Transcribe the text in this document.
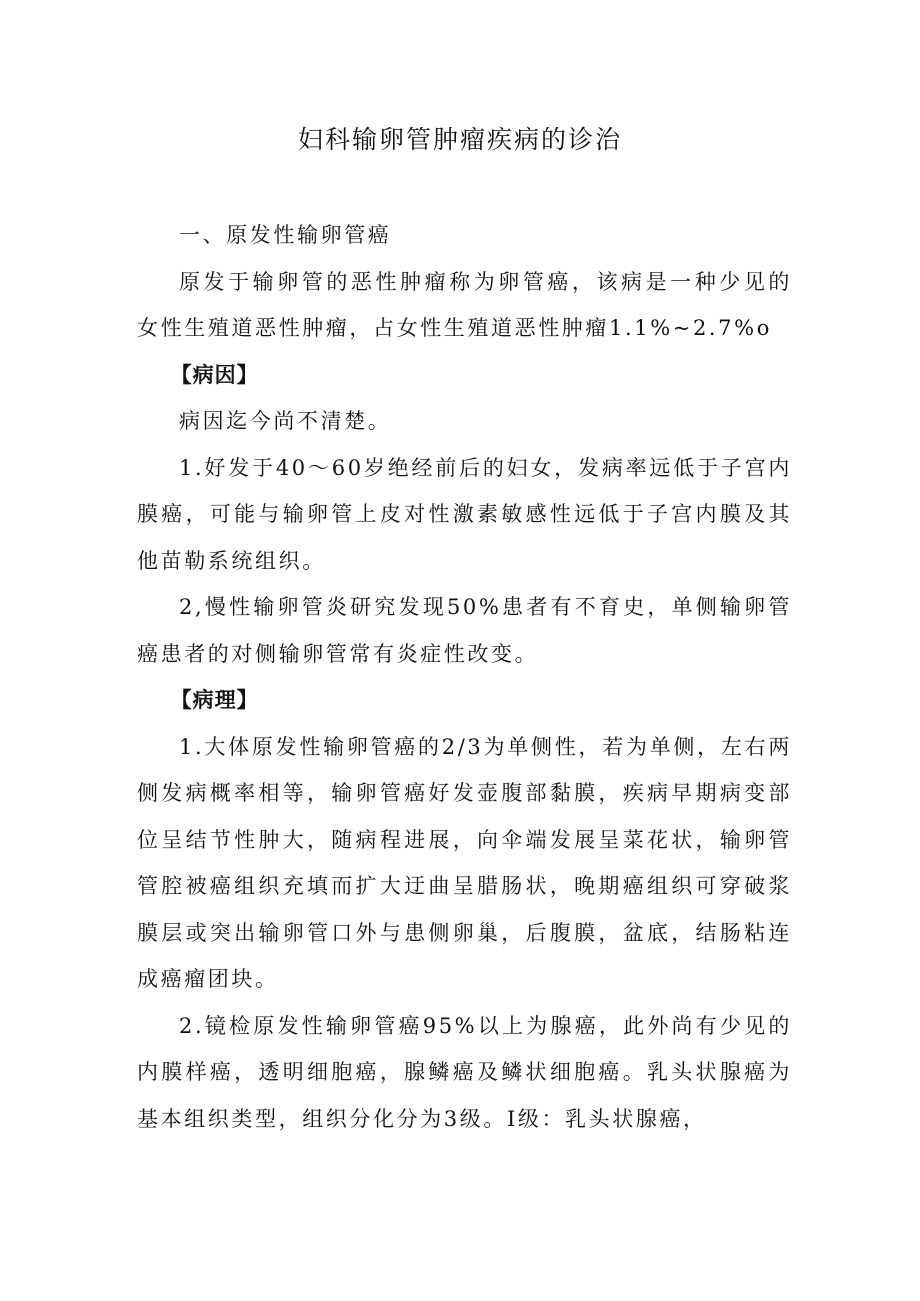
妇科输卵管肿瘤疾病的诊治

一、原发性输卵管癌

原发于输卵管的恶性肿瘤称为卵管癌，该病是一种少见的女性生殖道恶性肿瘤，占女性生殖道恶性肿瘤1.1%~2.7%o

【病因】

病因迄今尚不清楚。

1.好发于40～60岁绝经前后的妇女，发病率远低于子宫内膜癌，可能与输卵管上皮对性激素敏感性远低于子宫内膜及其他苗勒系统组织。

2,慢性输卵管炎研究发现50%患者有不育史，单侧输卵管癌患者的对侧输卵管常有炎症性改变。

【病理】

1.大体原发性输卵管癌的2/3为单侧性，若为单侧，左右两侧发病概率相等，输卵管癌好发壶腹部黏膜，疾病早期病变部位呈结节性肿大，随病程进展，向伞端发展呈菜花状，输卵管管腔被癌组织充填而扩大迂曲呈腊肠状，晚期癌组织可穿破浆膜层或突出输卵管口外与患侧卵巢，后腹膜，盆底，结肠粘连成癌瘤团块。

2.镜检原发性输卵管癌95%以上为腺癌，此外尚有少见的内膜样癌，透明细胞癌，腺鳞癌及鳞状细胞癌。乳头状腺癌为基本组织类型，组织分化分为3级。I级：乳头状腺癌，
